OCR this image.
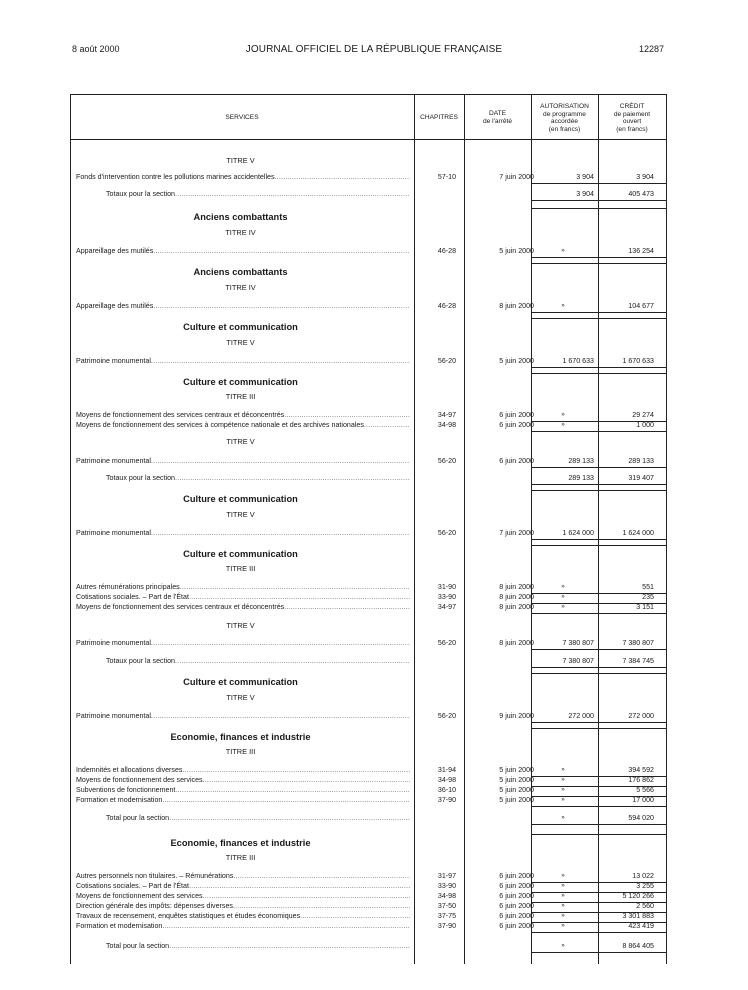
8 août 2000	JOURNAL OFFICIEL DE LA RÉPUBLIQUE FRANÇAISE	12287
SERVICES	CHAPITRES
DATE
de l'arrêté
AUTORISATION
de programme
accordée
(en francs)
CRÉDIT
de paiement
ouvert
(en francs)
TITRE V
Fonds d'intervention contre les pollutions marines accidentelles .....	57-10	7 juin 2000	3 904	3 904
Totaux pour la section .....	3 904	405 473
Anciens combattants
TITRE IV
Appareillage des mutilés .....	46-28	5 juin 2000	»	136 254
Anciens combattants
TITRE IV
Appareillage des mutilés .....	46-28	8 juin 2000	»	104 677
Culture et communication
TITRE V
Patrimoine monumental .....	56-20	5 juin 2000	1 670 633	1 670 633
Culture et communication
TITRE III
Moyens de fonctionnement des services centraux et déconcentrés .....	34-97	6 juin 2000	»	29 274
Moyens de fonctionnement des services à compétence nationale et des archives nationales .....	34-98	6 juin 2000	»	1 000
TITRE V
Patrimoine monumental .....	56-20	6 juin 2000	289 133	289 133
Totaux pour la section .....	289 133	319 407
Culture et communication
TITRE V
Patrimoine monumental .....	56-20	7 juin 2000	1 624 000	1 624 000
Culture et communication
TITRE III
Autres rémunérations principales .....	31-90	8 juin 2000	»	551
Cotisations sociales. – Part de l'État .....	33-90	8 juin 2000	»	235
Moyens de fonctionnement des services centraux et déconcentrés .....	34-97	8 juin 2000	»	3 151
TITRE V
Patrimoine monumental .....	56-20	8 juin 2000	7 380 807	7 380 807
Totaux pour la section .....	7 380 807	7 384 745
Culture et communication
TITRE V
Patrimoine monumental .....	56-20	9 juin 2000	272 000	272 000
Economie, finances et industrie
TITRE III
Indemnités et allocations diverses .....	31-94	5 juin 2000	»	394 592
Moyens de fonctionnement des services .....	34-98	5 juin 2000	»	176 862
Subventions de fonctionnement .....	36-10	5 juin 2000	»	5 566
Formation et modernisation .....	37-90	5 juin 2000	»	17 000
Total pour la section .....	»	594 020
Economie, finances et industrie
TITRE III
Autres personnels non titulaires. – Rémunérations .....	31-97	6 juin 2000	»	13 022
Cotisations sociales. – Part de l'État .....	33-90	6 juin 2000	»	3 255
Moyens de fonctionnement des services .....	34-98	6 juin 2000	»	5 120 266
Direction générale des impôts: dépenses diverses .....	37-50	6 juin 2000	»	2 560
Travaux de recensement, enquêtes statistiques et études économiques .....	37-75	6 juin 2000	»	3 301 883
Formation et modernisation .....	37-90	6 juin 2000	»	423 419
Total pour la section .....	»	8 864 405
